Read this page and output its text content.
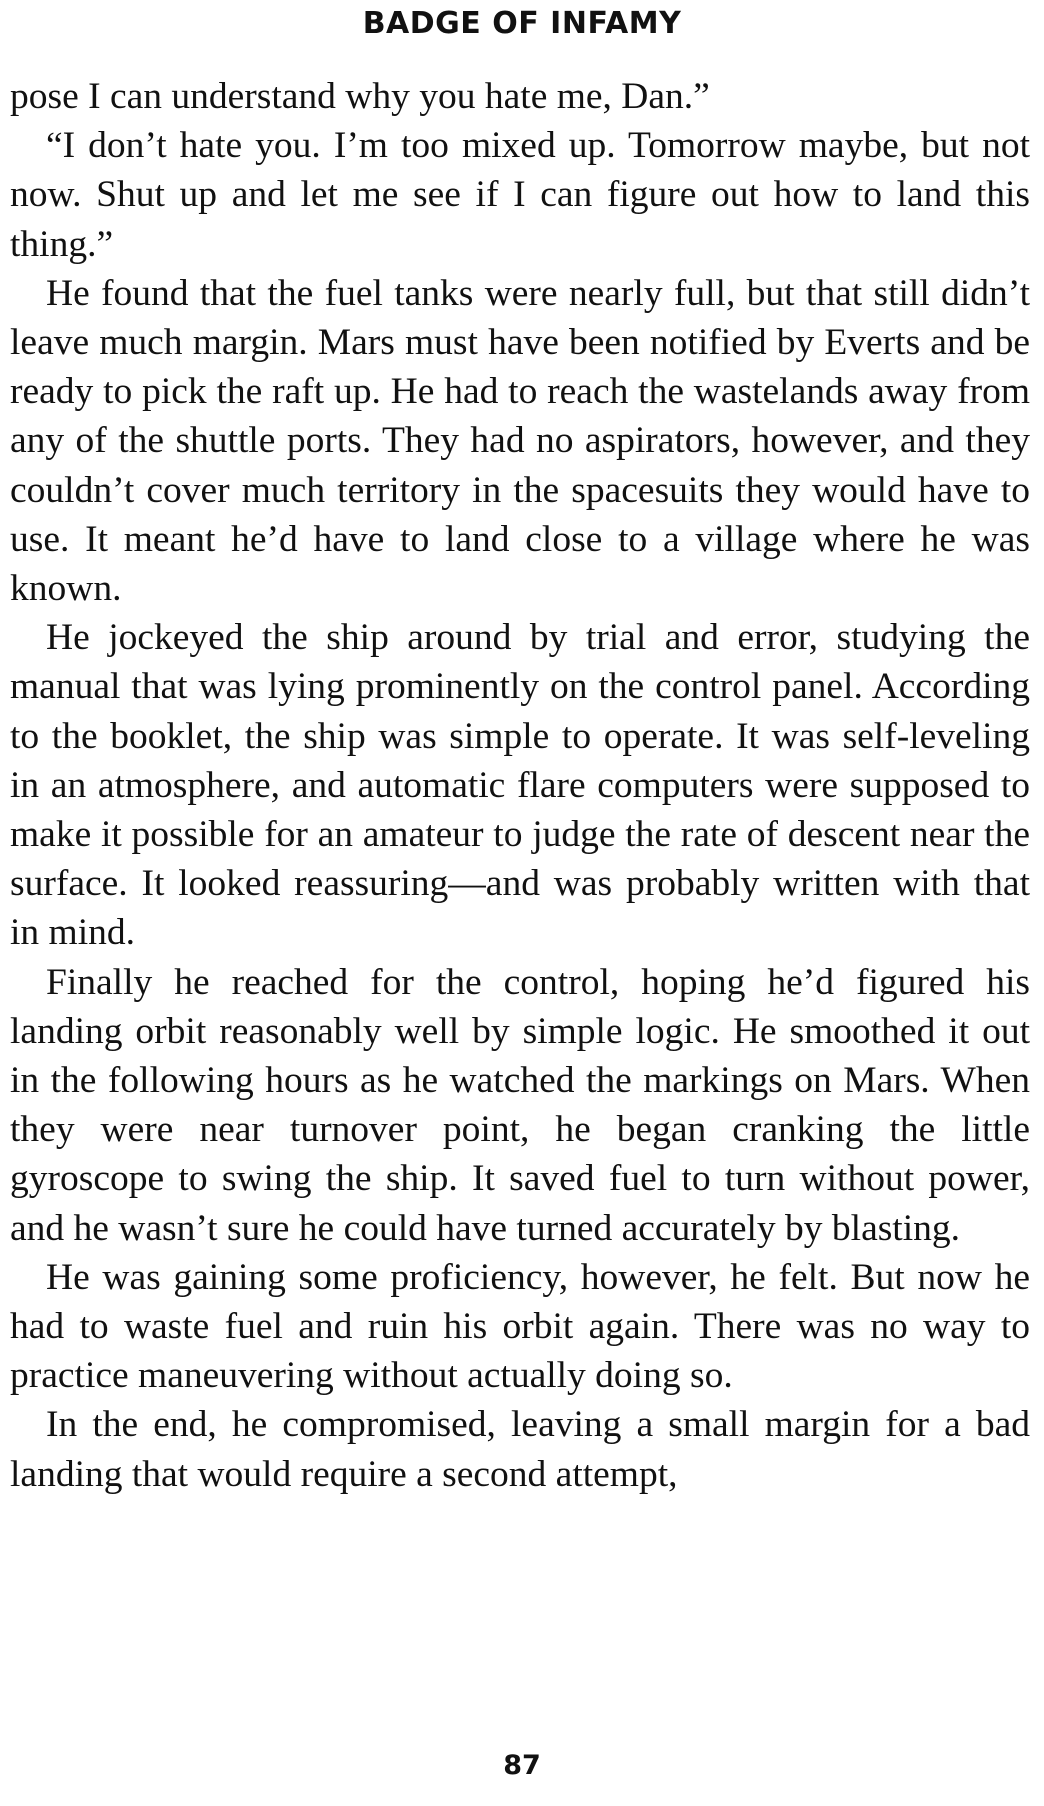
BADGE OF INFAMY

pose I can understand why you hate me, Dan.”

“I don’t hate you. I’m too mixed up. Tomorrow maybe, but not now. Shut up and let me see if I can figure out how to land this thing.”

He found that the fuel tanks were nearly full, but that still didn’t leave much margin. Mars must have been notified by Everts and be ready to pick the raft up. He had to reach the wastelands away from any of the shuttle ports. They had no aspirators, however, and they couldn’t cover much territory in the spacesuits they would have to use. It meant he’d have to land close to a village where he was known.

He jockeyed the ship around by trial and error, studying the manual that was lying prominently on the control panel. According to the booklet, the ship was simple to operate. It was self-leveling in an atmosphere, and automatic flare computers were supposed to make it possible for an amateur to judge the rate of descent near the surface. It looked reassuring—and was probably written with that in mind.

Finally he reached for the control, hoping he’d figured his landing orbit reasonably well by simple logic. He smoothed it out in the following hours as he watched the markings on Mars. When they were near turnover point, he began cranking the little gyroscope to swing the ship. It saved fuel to turn without power, and he wasn’t sure he could have turned accurately by blasting.

He was gaining some proficiency, however, he felt. But now he had to waste fuel and ruin his orbit again. There was no way to practice maneuvering without actually doing so.

In the end, he compromised, leaving a small margin for a bad landing that would require a second attempt,

87
